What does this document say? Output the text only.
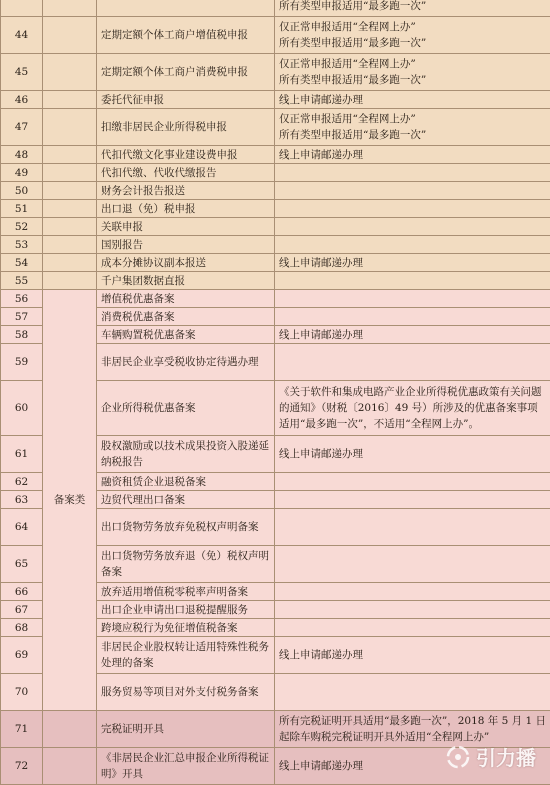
			所有类型申报适用“最多跑一次”
44		定期定额个体工商户增值税申报	仅正常申报适用“全程网上办”
所有类型申报适用“最多跑一次”
45		定期定额个体工商户消费税申报	仅正常申报适用“全程网上办”
所有类型申报适用“最多跑一次”
46		委托代征申报	线上申请邮递办理
47		扣缴非居民企业所得税申报	仅正常申报适用“全程网上办”
所有类型申报适用“最多跑一次”
48		代扣代缴文化事业建设费申报	线上申请邮递办理
49		代扣代缴、代收代缴报告	
50		财务会计报告报送	
51		出口退（免）税申报	
52		关联申报	
53		国别报告	
54		成本分摊协议副本报送	线上申请邮递办理
55		千户集团数据直报	
56	备案类	增值税优惠备案	
57		消费税优惠备案	
58		车辆购置税优惠备案	线上申请邮递办理
59		非居民企业享受税收协定待遇办理	
60		企业所得税优惠备案	《关于软件和集成电路产业企业所得税优惠政策有关问题的通知》（财税〔2016〕49 号）所涉及的优惠备案事项适用“最多跑一次”，不适用“全程网上办”。
61		股权激励或以技术成果投资入股递延纳税报告	线上申请邮递办理
62		融资租赁企业退税备案	
63		边贸代理出口备案	
64		出口货物劳务放弃免税权声明备案	
65		出口货物劳务放弃退（免）税权声明备案	
66		放弃适用增值税零税率声明备案	
67		出口企业申请出口退税提醒服务	
68		跨境应税行为免征增值税备案	
69		非居民企业股权转让适用特殊性税务处理的备案	线上申请邮递办理
70		服务贸易等项目对外支付税务备案	
71		完税证明开具	所有完税证明开具适用“最多跑一次”，2018 年 5 月 1 日起除车购税完税证明开具外适用“全程网上办”
72		《非居民企业汇总申报企业所得税证明》开具	线上申请邮递办理	引力播
